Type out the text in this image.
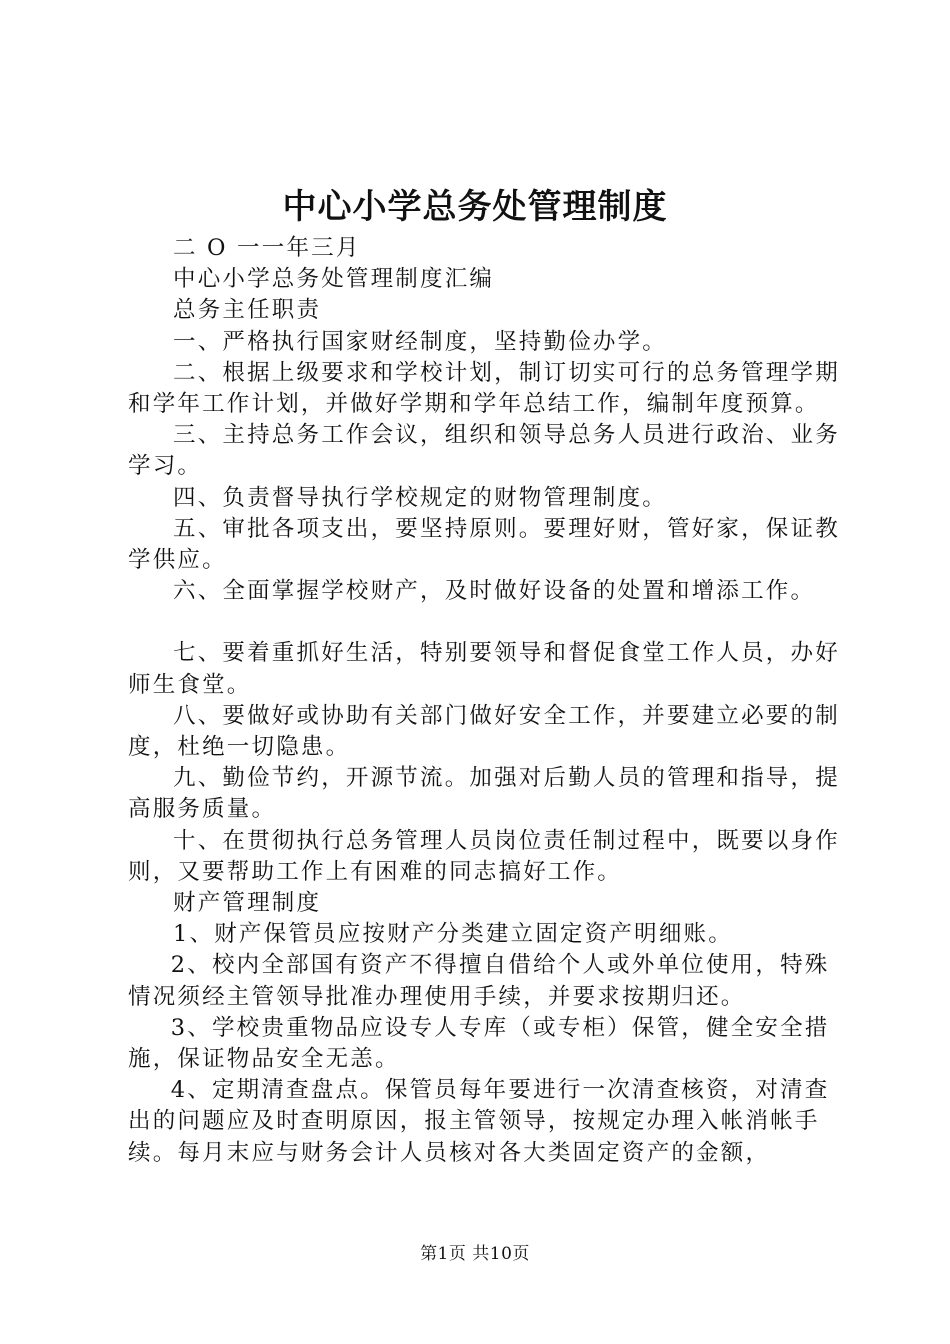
中心小学总务处管理制度

二 O 一一年三月

中心小学总务处管理制度汇编

总务主任职责

一、严格执行国家财经制度，坚持勤俭办学。

二、根据上级要求和学校计划，制订切实可行的总务管理学期和学年工作计划，并做好学期和学年总结工作，编制年度预算。

三、主持总务工作会议，组织和领导总务人员进行政治、业务学习。

四、负责督导执行学校规定的财物管理制度。

五、审批各项支出，要坚持原则。要理好财，管好家，保证教学供应。

六、全面掌握学校财产，及时做好设备的处置和增添工作。

七、要着重抓好生活，特别要领导和督促食堂工作人员，办好师生食堂。

八、要做好或协助有关部门做好安全工作，并要建立必要的制度，杜绝一切隐患。

九、勤俭节约，开源节流。加强对后勤人员的管理和指导，提高服务质量。

十、在贯彻执行总务管理人员岗位责任制过程中，既要以身作则，又要帮助工作上有困难的同志搞好工作。

财产管理制度

1、财产保管员应按财产分类建立固定资产明细账。

2、校内全部国有资产不得擅自借给个人或外单位使用，特殊情况须经主管领导批准办理使用手续，并要求按期归还。

3、学校贵重物品应设专人专库（或专柜）保管，健全安全措施，保证物品安全无恙。

4、定期清查盘点。保管员每年要进行一次清查核资，对清查出的问题应及时查明原因，报主管领导，按规定办理入帐消帐手续。每月末应与财务会计人员核对各大类固定资产的金额，

第1页 共10页
